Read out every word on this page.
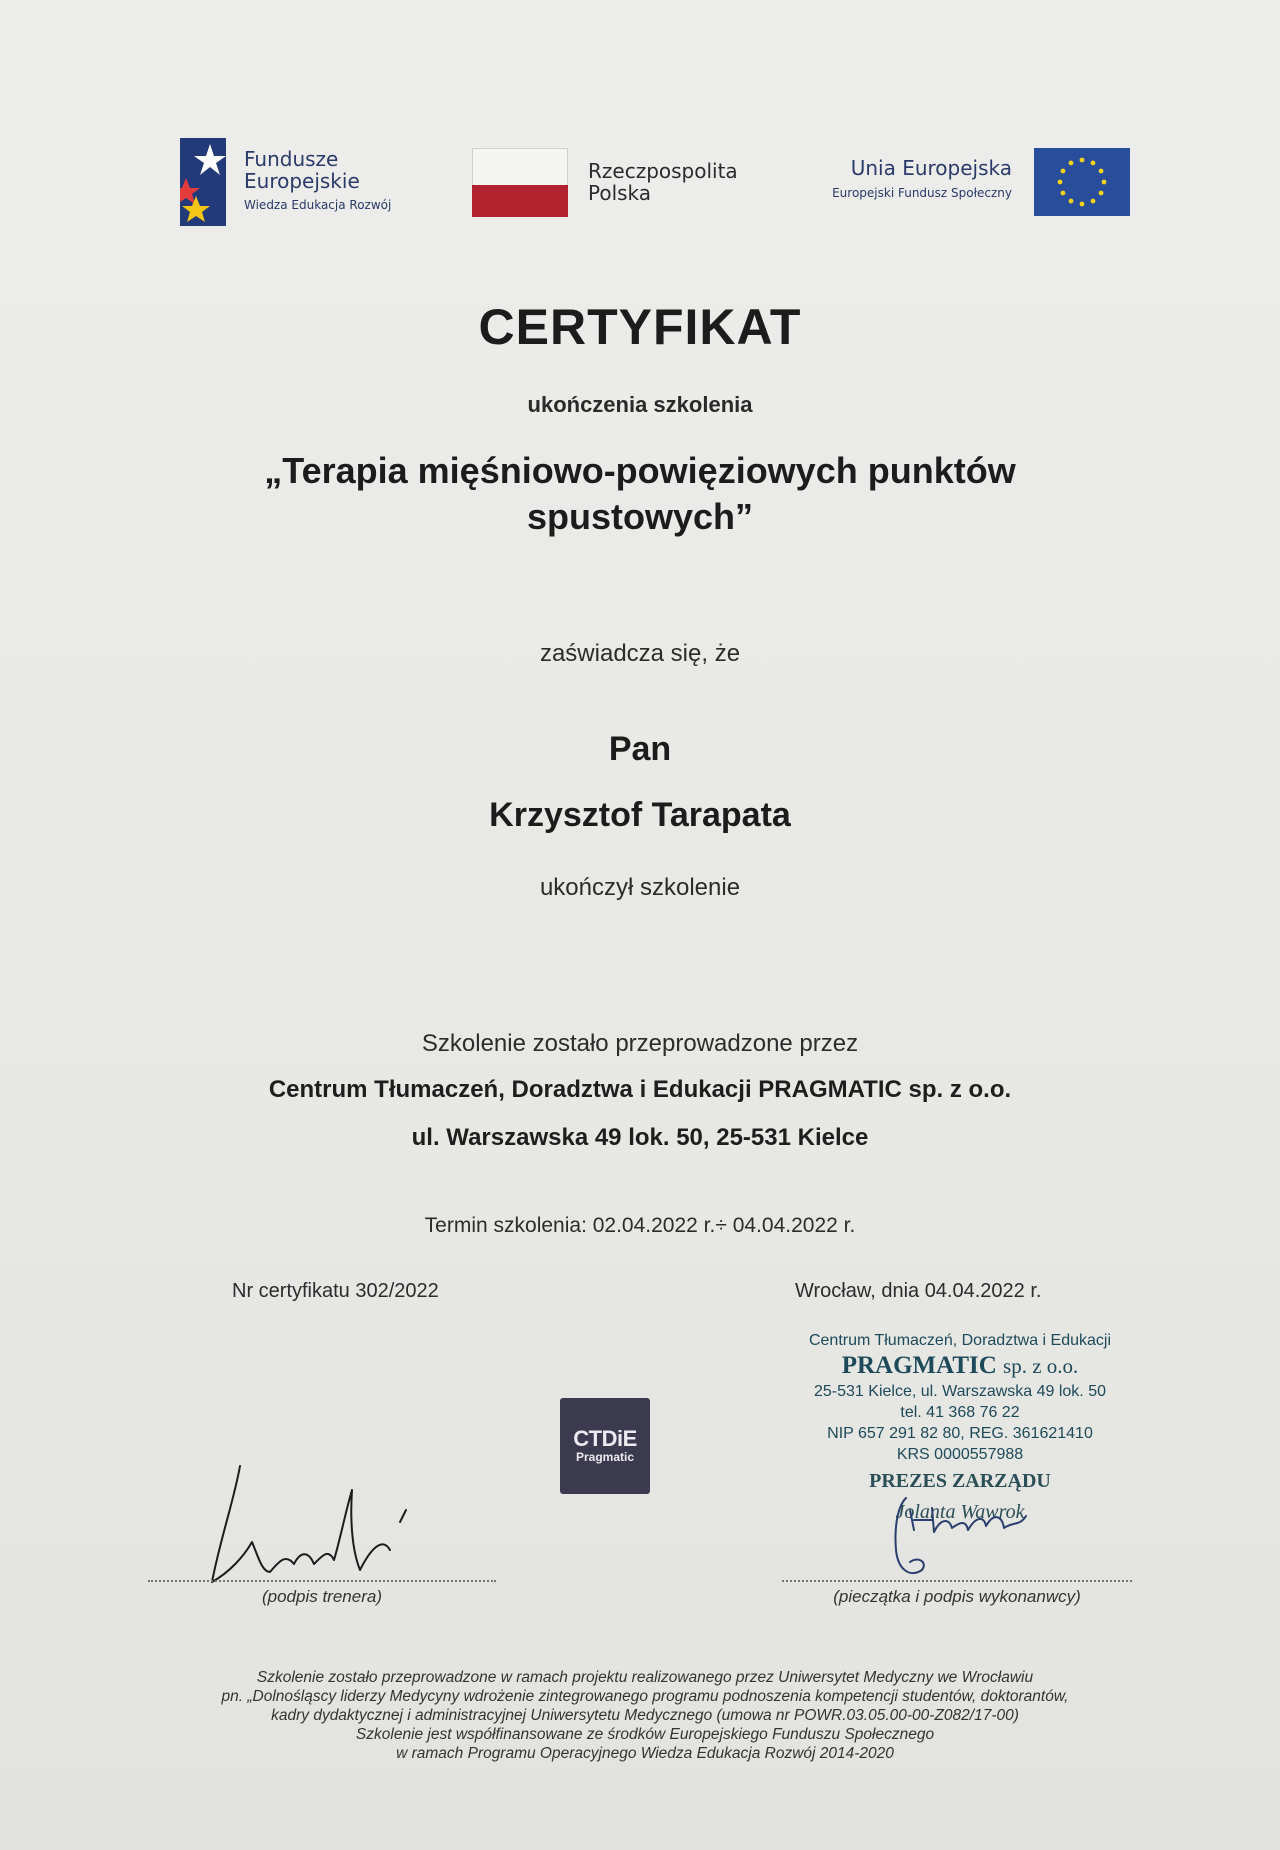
Fundusze
Europejskie
Wiedza Edukacja Rozwój
Rzeczpospolita
Polska
Unia Europejska
Europejski Fundusz Społeczny
CERTYFIKAT
ukończenia szkolenia
„Terapia mięśniowo-powięziowych punktów spustowych”
zaświadcza się, że
Pan
Krzysztof Tarapata
ukończył szkolenie
Szkolenie zostało przeprowadzone przez
Centrum Tłumaczeń, Doradztwa i Edukacji PRAGMATIC sp. z o.o.
ul. Warszawska 49 lok. 50, 25-531 Kielce
Termin szkolenia: 02.04.2022 r.÷ 04.04.2022 r.
Nr certyfikatu 302/2022	Wrocław, dnia 04.04.2022 r.
Centrum Tłumaczeń, Doradztwa i Edukacji
PRAGMATIC sp. z o.o.
25-531 Kielce, ul. Warszawska 49 lok. 50
tel. 41 368 76 22
NIP 657 291 82 80, REG. 361621410
KRS 0000557988
PREZES ZARZĄDU
Jolanta Wawrok
CTDiE
Pragmatic
(podpis trenera)	(pieczątka i podpis wykonanwcy)
Szkolenie zostało przeprowadzone w ramach projektu realizowanego przez Uniwersytet Medyczny we Wrocławiu
pn. „Dolnośląscy liderzy Medycyny wdrożenie zintegrowanego programu podnoszenia kompetencji studentów, doktorantów,
kadry dydaktycznej i administracyjnej Uniwersytetu Medycznego (umowa nr POWR.03.05.00-00-Z082/17-00)
Szkolenie jest współfinansowane ze środków Europejskiego Funduszu Społecznego
w ramach Programu Operacyjnego Wiedza Edukacja Rozwój 2014-2020
